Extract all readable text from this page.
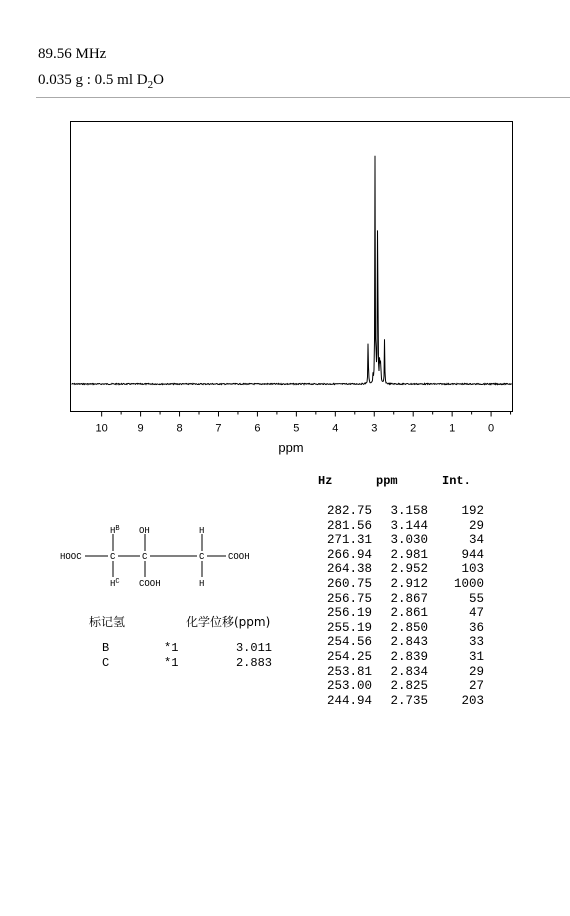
89.56 MHz
0.035 g : 0.5 ml $D_2O$
10	9	8	7	6	5	4	3	2	1	0
ppm
Hz	ppm	Int.
282.75	3.158	192
281.56	3.144	29
271.31	3.030	34
266.94	2.981	944
264.38	2.952	103
260.75	2.912	1000
256.75	2.867	55
256.19	2.861	47
255.19	2.850	36
254.56	2.843	33
254.25	2.839	31
253.81	2.834	29
253.00	2.825	27
244.94	2.735	203
HOOC	C	C	C	COOH
$H^B$
$H^C$
OH
COOH
H
H
标记氢	化学位移(ppm)
B	*1	3.011
C	*1	2.883
